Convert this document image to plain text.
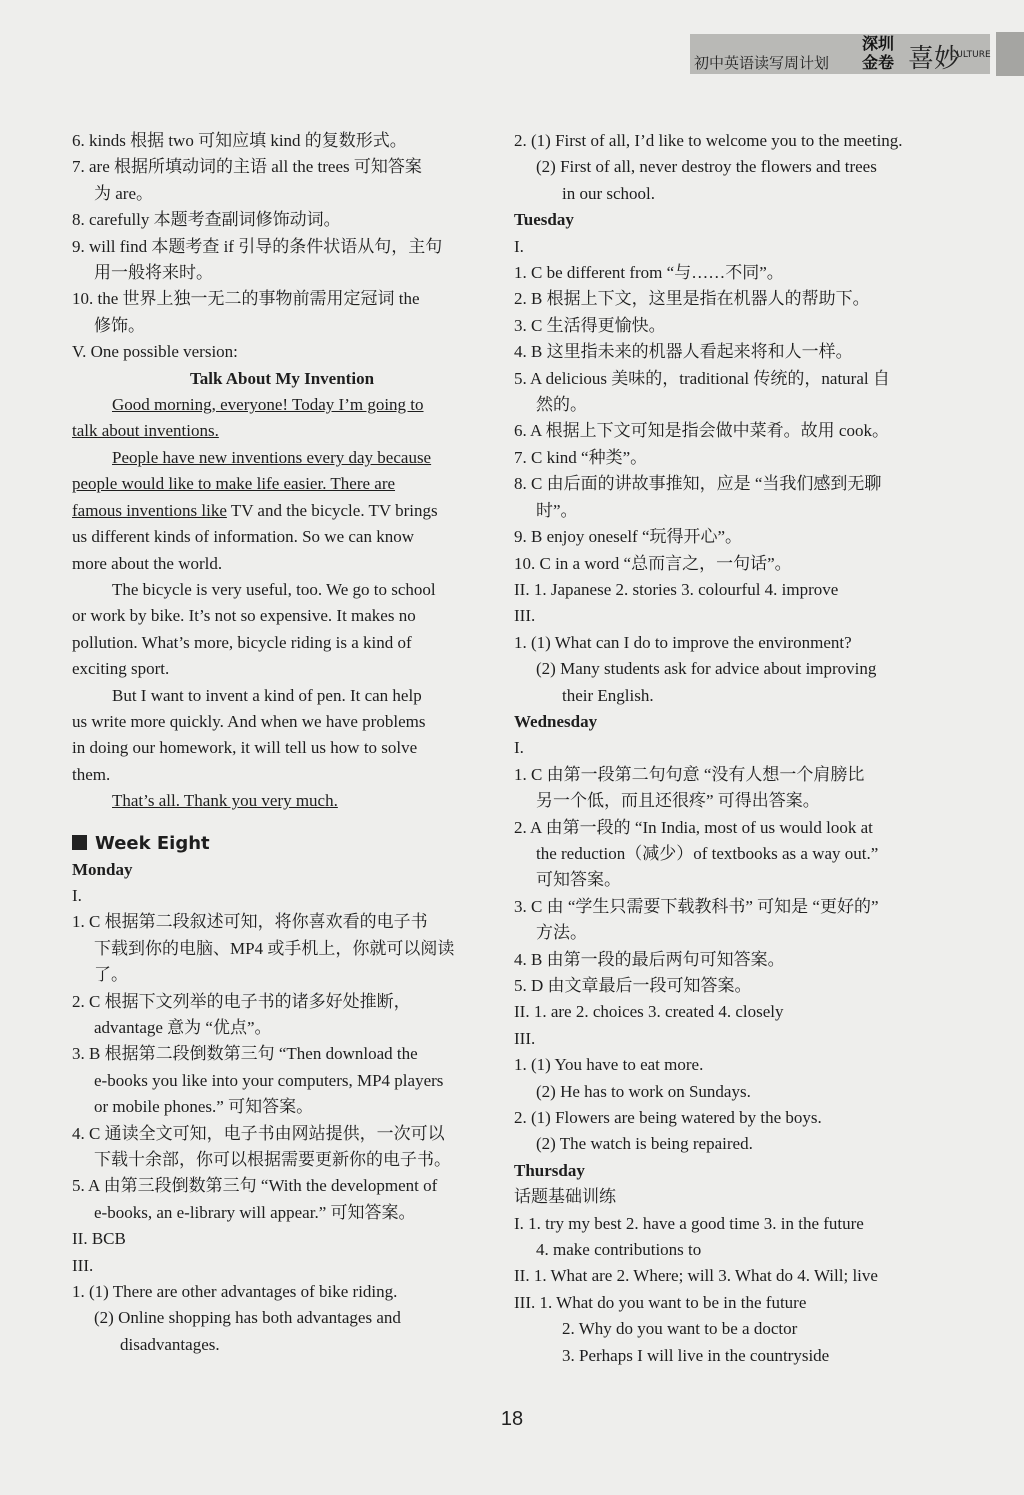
初中英语读写周计划
深圳
金卷 喜妙
CULTURE
6. kinds 根据 two 可知应填 kind 的复数形式。
7. are 根据所填动词的主语 all the trees 可知答案
为 are。
8. carefully 本题考查副词修饰动词。
9. will find 本题考查 if 引导的条件状语从句，主句
用一般将来时。
10. the 世界上独一无二的事物前需用定冠词 the
修饰。
V. One possible version:
Talk About My Invention
Good morning, everyone! Today I’m going to
talk about inventions.
People have new inventions every day because
people would like to make life easier. There are
famous inventions like TV and the bicycle. TV brings
us different kinds of information. So we can know
more about the world.
The bicycle is very useful, too. We go to school
or work by bike. It’s not so expensive. It makes no
pollution. What’s more, bicycle riding is a kind of
exciting sport.
But I want to invent a kind of pen. It can help
us write more quickly. And when we have problems
in doing our homework, it will tell us how to solve
them.
That’s all. Thank you very much.
Week Eight
Monday
I.
1. C 根据第二段叙述可知，将你喜欢看的电子书
下载到你的电脑、MP4 或手机上，你就可以阅读
了。
2. C 根据下文列举的电子书的诸多好处推断，
advantage 意为 “优点”。
3. B 根据第二段倒数第三句 “Then download the
e-books you like into your computers, MP4 players
or mobile phones.” 可知答案。
4. C 通读全文可知，电子书由网站提供，一次可以
下载十余部，你可以根据需要更新你的电子书。
5. A 由第三段倒数第三句 “With the development of
e-books, an e-library will appear.” 可知答案。
II. BCB
III.
1. (1) There are other advantages of bike riding.
(2) Online shopping has both advantages and
disadvantages.
2. (1) First of all, I’d like to welcome you to the meeting.
(2) First of all, never destroy the flowers and trees
in our school.
Tuesday
I.
1. C be different from “与……不同”。
2. B 根据上下文，这里是指在机器人的帮助下。
3. C 生活得更愉快。
4. B 这里指未来的机器人看起来将和人一样。
5. A delicious 美味的，traditional 传统的，natural 自
然的。
6. A 根据上下文可知是指会做中菜肴。故用 cook。
7. C kind “种类”。
8. C 由后面的讲故事推知，应是 “当我们感到无聊
时”。
9. B enjoy oneself “玩得开心”。
10. C in a word “总而言之，一句话”。
II. 1. Japanese 2. stories 3. colourful 4. improve
III.
1. (1) What can I do to improve the environment?
(2) Many students ask for advice about improving
their English.
Wednesday
I.
1. C 由第一段第二句句意 “没有人想一个肩膀比
另一个低，而且还很疼” 可得出答案。
2. A 由第一段的 “In India, most of us would look at
the reduction（减少）of textbooks as a way out.”
可知答案。
3. C 由 “学生只需要下载教科书” 可知是 “更好的”
方法。
4. B 由第一段的最后两句可知答案。
5. D 由文章最后一段可知答案。
II. 1. are 2. choices 3. created 4. closely
III.
1. (1) You have to eat more.
(2) He has to work on Sundays.
2. (1) Flowers are being watered by the boys.
(2) The watch is being repaired.
Thursday
话题基础训练
I. 1. try my best 2. have a good time 3. in the future
4. make contributions to
II. 1. What are 2. Where; will 3. What do 4. Will; live
III. 1. What do you want to be in the future
2. Why do you want to be a doctor
3. Perhaps I will live in the countryside
18
